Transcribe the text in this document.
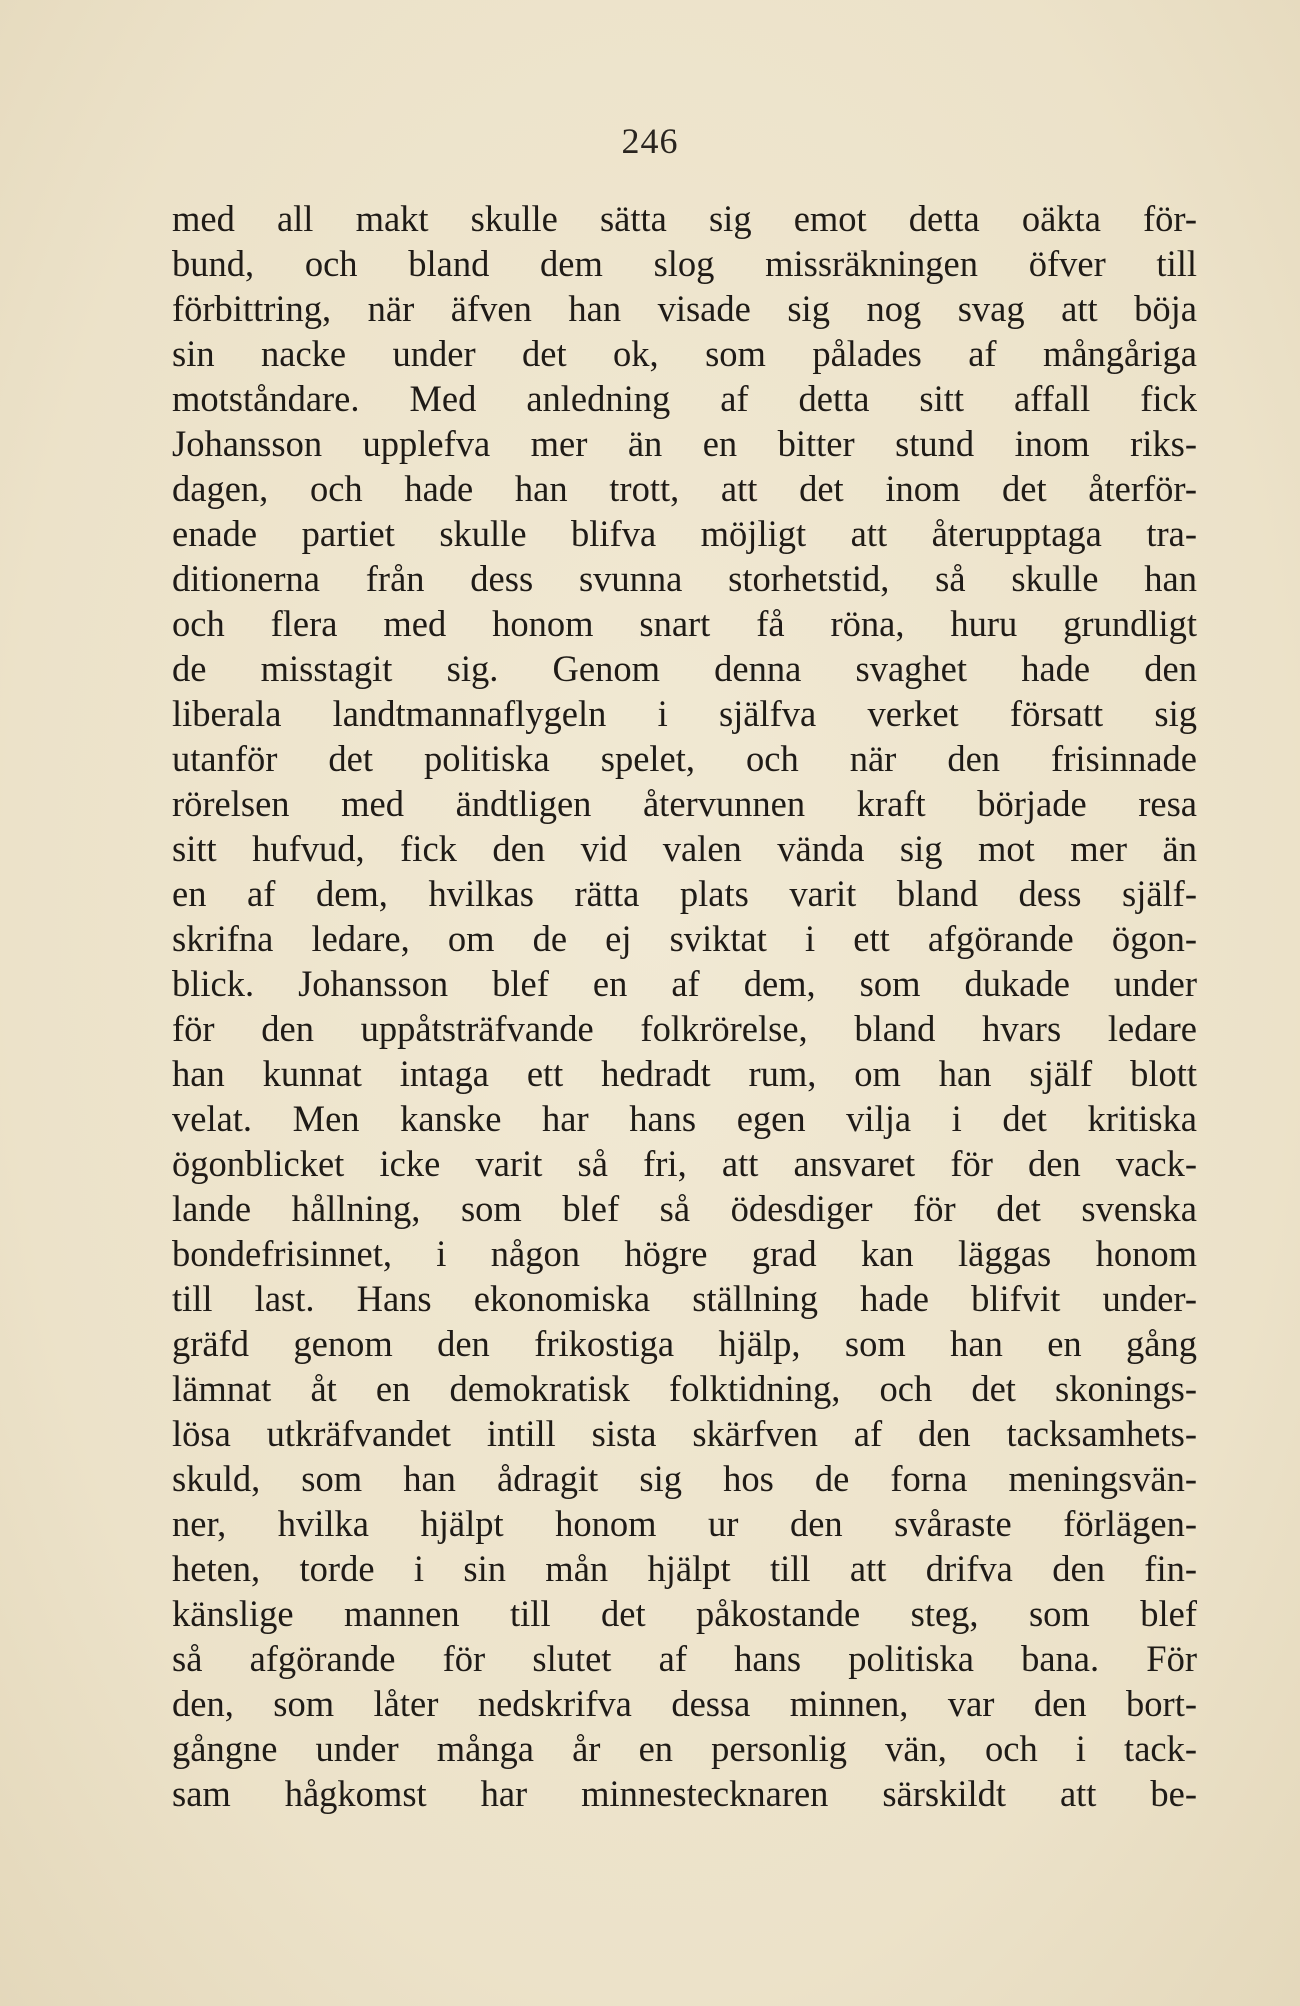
246
med all makt skulle sätta sig emot detta oäkta för-
bund, och bland dem slog missräkningen öfver till
förbittring, när äfven han visade sig nog svag att böja
sin nacke under det ok, som pålades af mångåriga
motståndare. Med anledning af detta sitt affall fick
Johansson upplefva mer än en bitter stund inom riks-
dagen, och hade han trott, att det inom det återför-
enade partiet skulle blifva möjligt att återupptaga tra-
ditionerna från dess svunna storhetstid, så skulle han
och flera med honom snart få röna, huru grundligt
de misstagit sig. Genom denna svaghet hade den
liberala landtmannaflygeln i själfva verket försatt sig
utanför det politiska spelet, och när den frisinnade
rörelsen med ändtligen återvunnen kraft började resa
sitt hufvud, fick den vid valen vända sig mot mer än
en af dem, hvilkas rätta plats varit bland dess själf-
skrifna ledare, om de ej sviktat i ett afgörande ögon-
blick. Johansson blef en af dem, som dukade under
för den uppåtsträfvande folkrörelse, bland hvars ledare
han kunnat intaga ett hedradt rum, om han själf blott
velat. Men kanske har hans egen vilja i det kritiska
ögonblicket icke varit så fri, att ansvaret för den vack-
lande hållning, som blef så ödesdiger för det svenska
bondefrisinnet, i någon högre grad kan läggas honom
till last. Hans ekonomiska ställning hade blifvit under-
gräfd genom den frikostiga hjälp, som han en gång
lämnat åt en demokratisk folktidning, och det skonings-
lösa utkräfvandet intill sista skärfven af den tacksamhets-
skuld, som han ådragit sig hos de forna meningsvän-
ner, hvilka hjälpt honom ur den svåraste förlägen-
heten, torde i sin mån hjälpt till att drifva den fin-
känslige mannen till det påkostande steg, som blef
så afgörande för slutet af hans politiska bana. För
den, som låter nedskrifva dessa minnen, var den bort-
gångne under många år en personlig vän, och i tack-
sam hågkomst har minnestecknaren särskildt att be-
